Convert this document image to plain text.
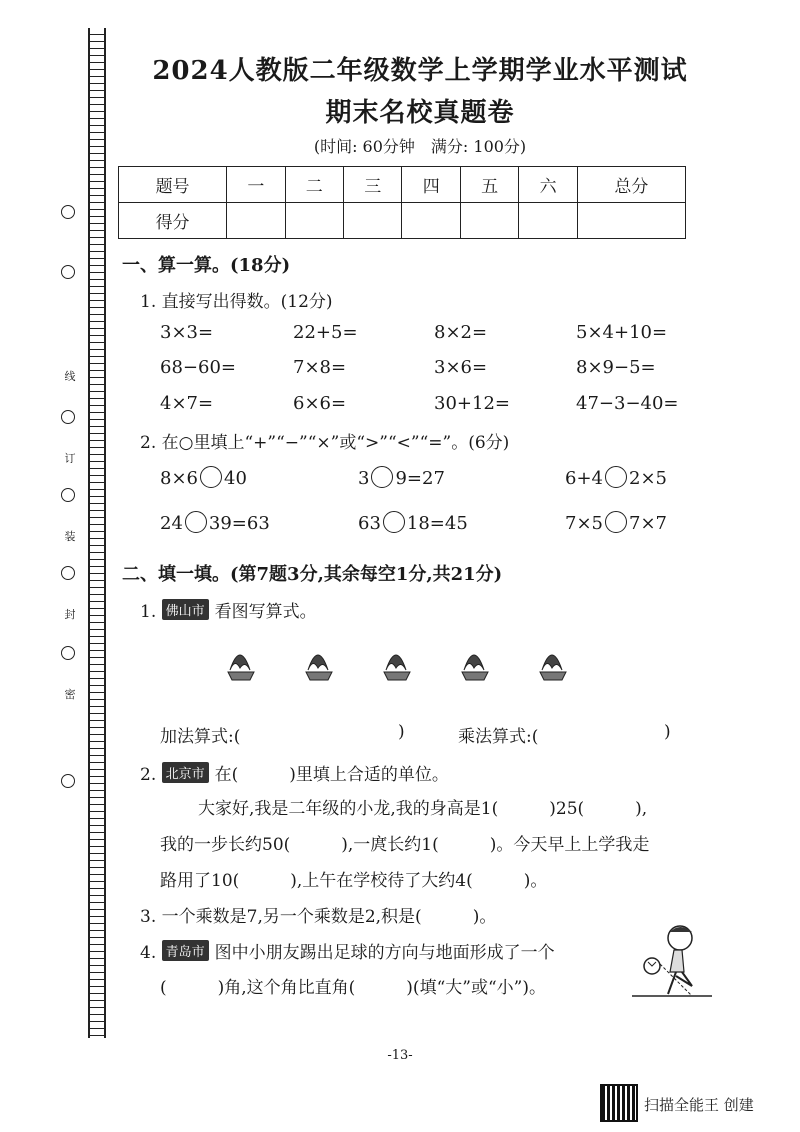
线
订
装
封
密
2024人教版二年级数学上学期学业水平测试
期末名校真题卷
(时间: 60分钟　满分: 100分)
题号	一	二	三	四	五	六	总分
得分							
一、算一算。(18分)
1. 直接写出得数。(12分)
3×3=	22+5=	8×2=	5×4+10=
68−60=	7×8=	3×6=	8×9−5=
4×7=	6×6=	30+12=	47−3−40=
2. 在○里填上“+”“−”“×”或“>”“<”“=”。(6分)
8×6 40	3 9=27	6+4 2×5
24 39=63	63 18=45	7×5 7×7
二、填一填。(第7题3分,其余每空1分,共21分)
1. 佛山市 看图写算式。
加法算式:(	)	乘法算式:(	)
2. 北京市 在(　　　)里填上合适的单位。
大家好,我是二年级的小龙,我的身高是1(　　　)25(　　　),
我的一步长约50(　　　),一庹长约1(　　　)。今天早上上学我走
路用了10(　　　),上午在学校待了大约4(　　　)。
3. 一个乘数是7,另一个乘数是2,积是(　　　)。
4. 青岛市 图中小朋友踢出足球的方向与地面形成了一个
(　　　)角,这个角比直角(　　　)(填“大”或“小”)。
-13-
扫描全能王 创建
